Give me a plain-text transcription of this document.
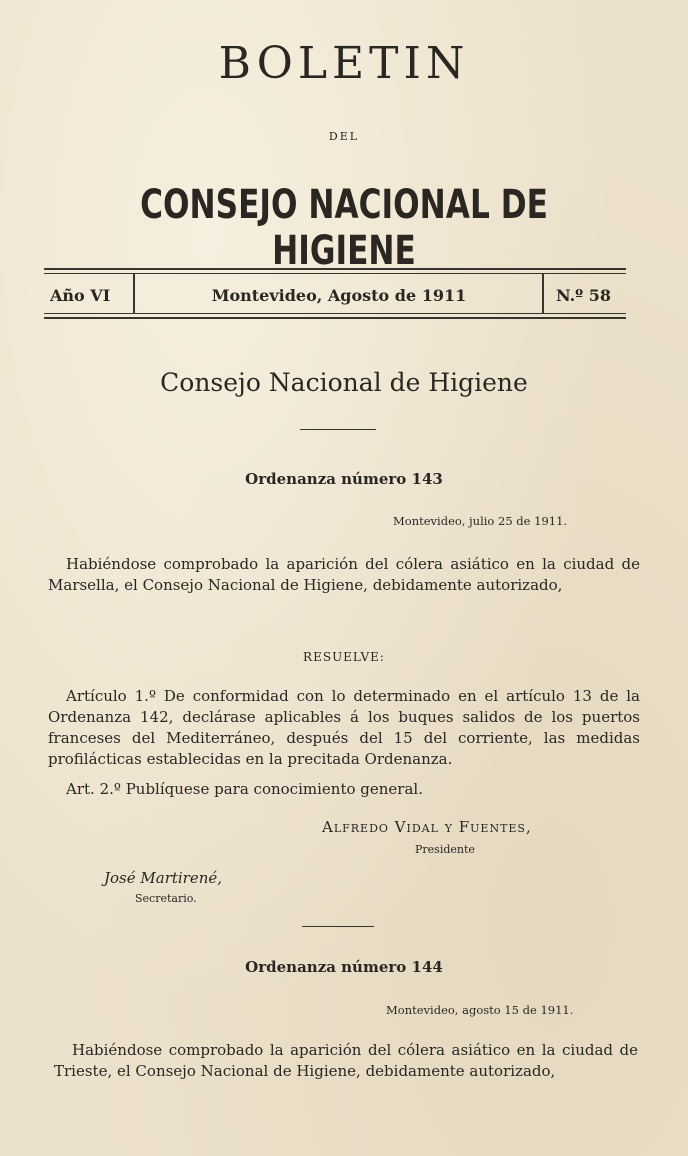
BOLETIN
DEL
CONSEJO NACIONAL DE HIGIENE
Año VI	Montevideo, Agosto de 1911	N.º 58
Consejo Nacional de Higiene
Ordenanza número 143
Montevideo, julio 25 de 1911.
Habiéndose comprobado la aparición del cólera asiático en la ciudad de Marsella, el Consejo Nacional de Higiene, debidamente autorizado,
RESUELVE:
Artículo 1.º De conformidad con lo determinado en el artículo 13 de la Ordenanza 142, declárase aplicables á los buques salidos de los puertos franceses del Mediterráneo, después del 15 del corriente, las medidas profilácticas establecidas en la precitada Ordenanza.
Art. 2.º Publíquese para conocimiento general.
Alfredo Vidal y Fuentes,
Presidente
José Martirené,
Secretario.
Ordenanza número 144
Montevideo, agosto 15 de 1911.
Habiéndose comprobado la aparición del cólera asiático en la ciudad de Trieste, el Consejo Nacional de Higiene, debidamente autorizado,
